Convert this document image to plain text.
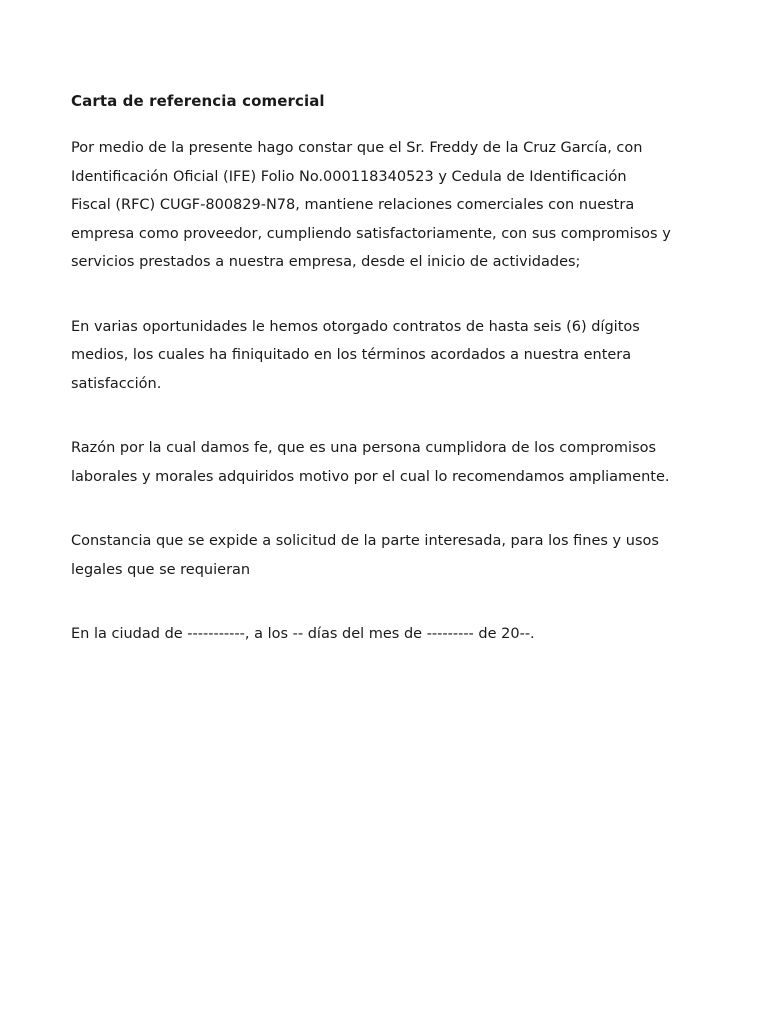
Carta de referencia comercial

Por medio de la presente hago constar que el Sr. Freddy de la Cruz García, con
Identificación Oficial (IFE) Folio No.000118340523 y Cedula de Identificación
Fiscal (RFC) CUGF-800829-N78, mantiene relaciones comerciales con nuestra
empresa como proveedor, cumpliendo satisfactoriamente, con sus compromisos y
servicios prestados a nuestra empresa, desde el inicio de actividades;

En varias oportunidades le hemos otorgado contratos de hasta seis (6) dígitos
medios, los cuales ha finiquitado en los términos acordados a nuestra entera
satisfacción.

Razón por la cual damos fe, que es una persona cumplidora de los compromisos
laborales y morales adquiridos motivo por el cual lo recomendamos ampliamente.

Constancia que se expide a solicitud de la parte interesada, para los fines y usos
legales que se requieran

En la ciudad de -----------, a los -- días del mes de --------- de 20--.
